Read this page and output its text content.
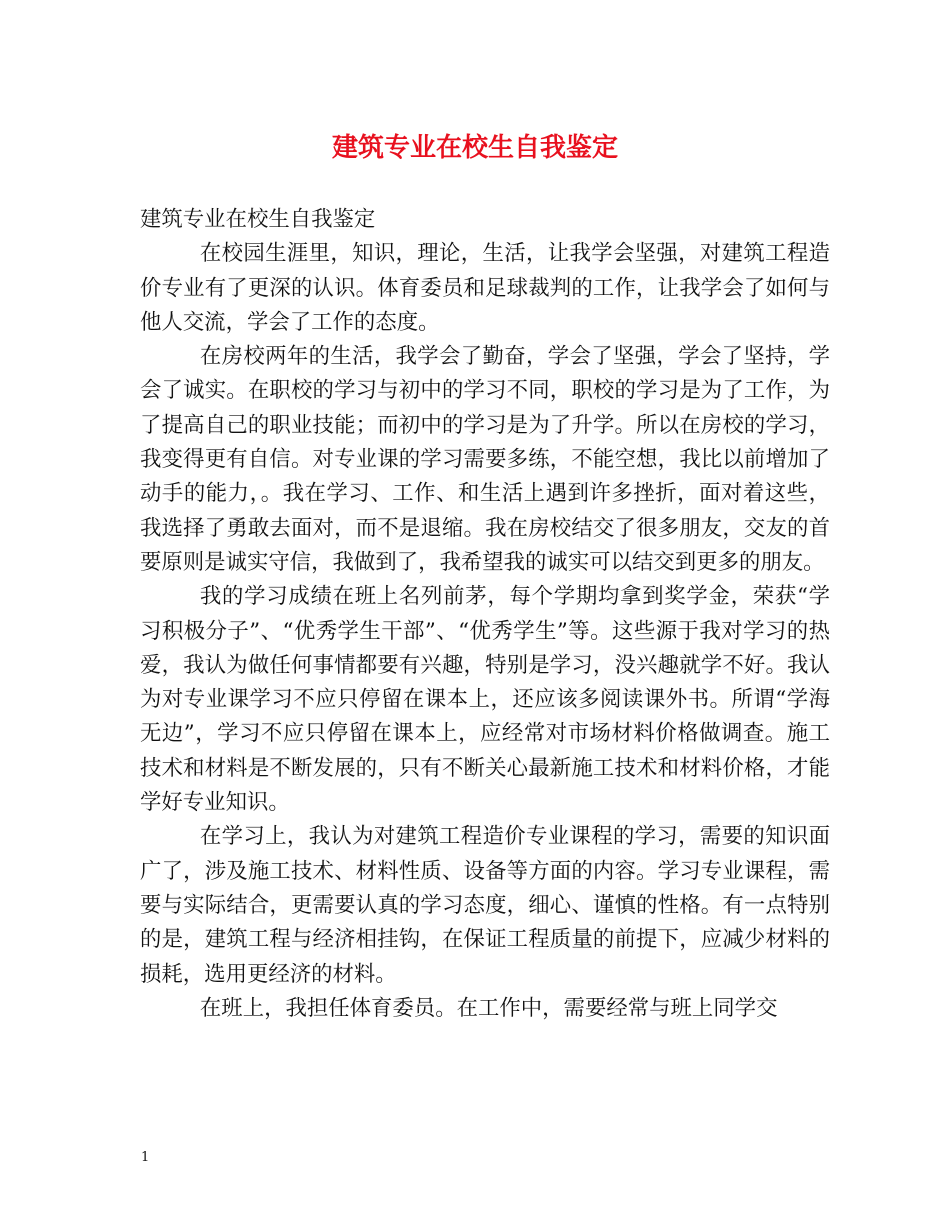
建筑专业在校生自我鉴定

建筑专业在校生自我鉴定

在校园生涯里，知识，理论，生活，让我学会坚强，对建筑工程造价专业有了更深的认识。体育委员和足球裁判的工作，让我学会了如何与他人交流，学会了工作的态度。

在房校两年的生活，我学会了勤奋，学会了坚强，学会了坚持，学会了诚实。在职校的学习与初中的学习不同，职校的学习是为了工作，为了提高自己的职业技能；而初中的学习是为了升学。所以在房校的学习，我变得更有自信。对专业课的学习需要多练，不能空想，我比以前增加了动手的能力，。我在学习、工作、和生活上遇到许多挫折，面对着这些，我选择了勇敢去面对，而不是退缩。我在房校结交了很多朋友，交友的首要原则是诚实守信，我做到了，我希望我的诚实可以结交到更多的朋友。

我的学习成绩在班上名列前茅，每个学期均拿到奖学金，荣获“学习积极分子”、“优秀学生干部”、“优秀学生”等。这些源于我对学习的热爱，我认为做任何事情都要有兴趣，特别是学习，没兴趣就学不好。我认为对专业课学习不应只停留在课本上，还应该多阅读课外书。所谓“学海无边”，学习不应只停留在课本上，应经常对市场材料价格做调查。施工技术和材料是不断发展的，只有不断关心最新施工技术和材料价格，才能学好专业知识。

在学习上，我认为对建筑工程造价专业课程的学习，需要的知识面广了，涉及施工技术、材料性质、设备等方面的内容。学习专业课程，需要与实际结合，更需要认真的学习态度，细心、谨慎的性格。有一点特别的是，建筑工程与经济相挂钩，在保证工程质量的前提下，应减少材料的损耗，选用更经济的材料。

在班上，我担任体育委员。在工作中，需要经常与班上同学交

1
